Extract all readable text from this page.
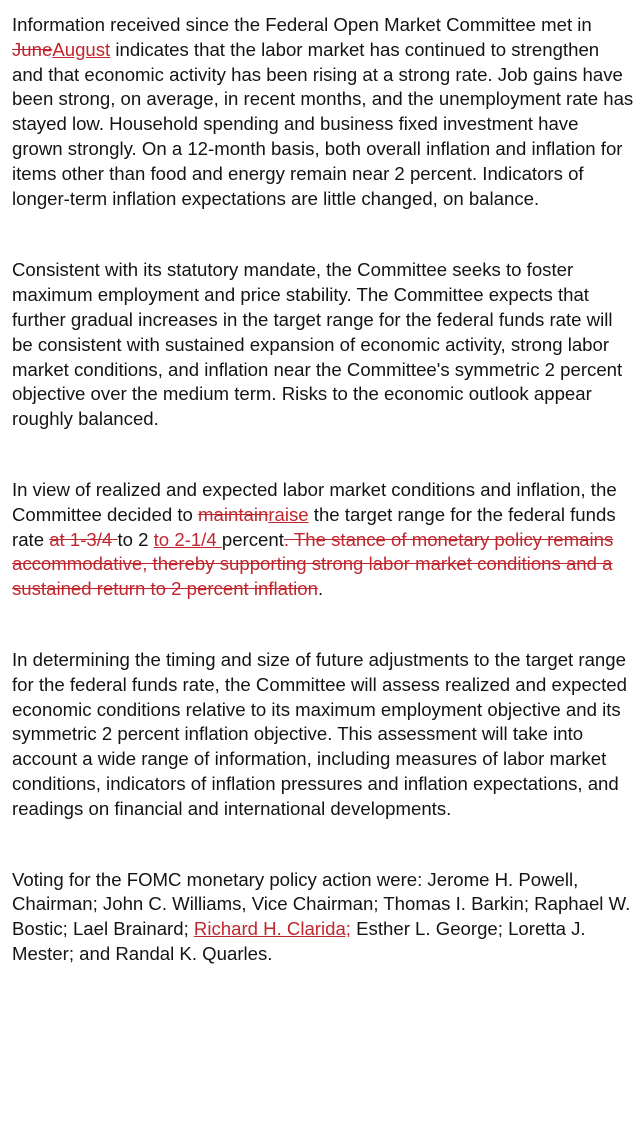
Information received since the Federal Open Market Committee met in JuneAugust indicates that the labor market has continued to strengthen and that economic activity has been rising at a strong rate. Job gains have been strong, on average, in recent months, and the unemployment rate has stayed low. Household spending and business fixed investment have grown strongly. On a 12-month basis, both overall inflation and inflation for items other than food and energy remain near 2 percent. Indicators of longer-term inflation expectations are little changed, on balance.

Consistent with its statutory mandate, the Committee seeks to foster maximum employment and price stability. The Committee expects that further gradual increases in the target range for the federal funds rate will be consistent with sustained expansion of economic activity, strong labor market conditions, and inflation near the Committee's symmetric 2 percent objective over the medium term. Risks to the economic outlook appear roughly balanced.

In view of realized and expected labor market conditions and inflation, the Committee decided to maintainraise the target range for the federal funds rate at 1-3/4 to 2 to 2-1/4 percent. The stance of monetary policy remains accommodative, thereby supporting strong labor market conditions and a sustained return to 2 percent inflation.

In determining the timing and size of future adjustments to the target range for the federal funds rate, the Committee will assess realized and expected economic conditions relative to its maximum employment objective and its symmetric 2 percent inflation objective. This assessment will take into account a wide range of information, including measures of labor market conditions, indicators of inflation pressures and inflation expectations, and readings on financial and international developments.

Voting for the FOMC monetary policy action were: Jerome H. Powell, Chairman; John C. Williams, Vice Chairman; Thomas I. Barkin; Raphael W. Bostic; Lael Brainard; Richard H. Clarida; Esther L. George; Loretta J. Mester; and Randal K. Quarles.
